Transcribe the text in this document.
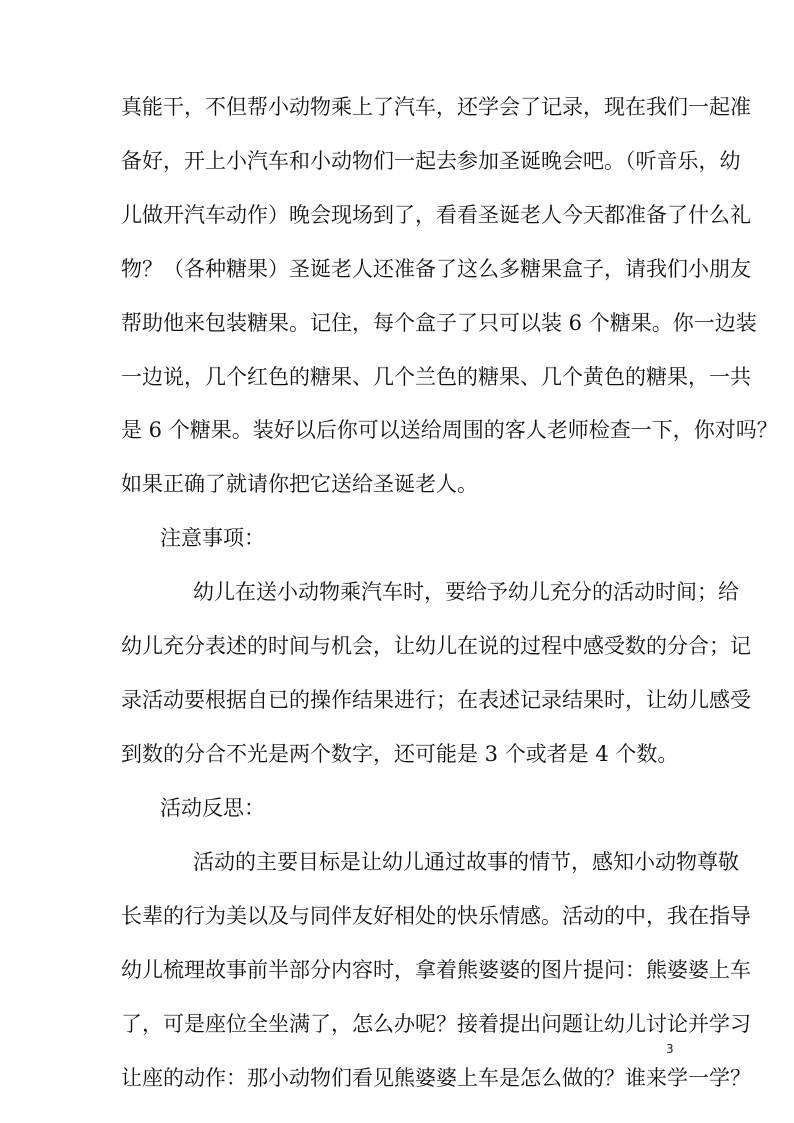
真能干，不但帮小动物乘上了汽车，还学会了记录，现在我们一起准
备好，开上小汽车和小动物们一起去参加圣诞晚会吧。（听音乐，幼
儿做开汽车动作）晚会现场到了，看看圣诞老人今天都准备了什么礼
物？（各种糖果）圣诞老人还准备了这么多糖果盒子，请我们小朋友
帮助他来包装糖果。记住，每个盒子了只可以装 6 个糖果。你一边装
一边说，几个红色的糖果、几个兰色的糖果、几个黄色的糖果，一共
是 6 个糖果。装好以后你可以送给周围的客人老师检查一下，你对吗？
如果正确了就请你把它送给圣诞老人。
注意事项：
幼儿在送小动物乘汽车时，要给予幼儿充分的活动时间；给
幼儿充分表述的时间与机会，让幼儿在说的过程中感受数的分合；记
录活动要根据自已的操作结果进行；在表述记录结果时，让幼儿感受
到数的分合不光是两个数字，还可能是 3 个或者是 4 个数。
活动反思：
活动的主要目标是让幼儿通过故事的情节，感知小动物尊敬
长辈的行为美以及与同伴友好相处的快乐情感。活动的中，我在指导
幼儿梳理故事前半部分内容时，拿着熊婆婆的图片提问：熊婆婆上车
了，可是座位全坐满了，怎么办呢？接着提出问题让幼儿讨论并学习
让座的动作：那小动物们看见熊婆婆上车是怎么做的？谁来学一学？
3
